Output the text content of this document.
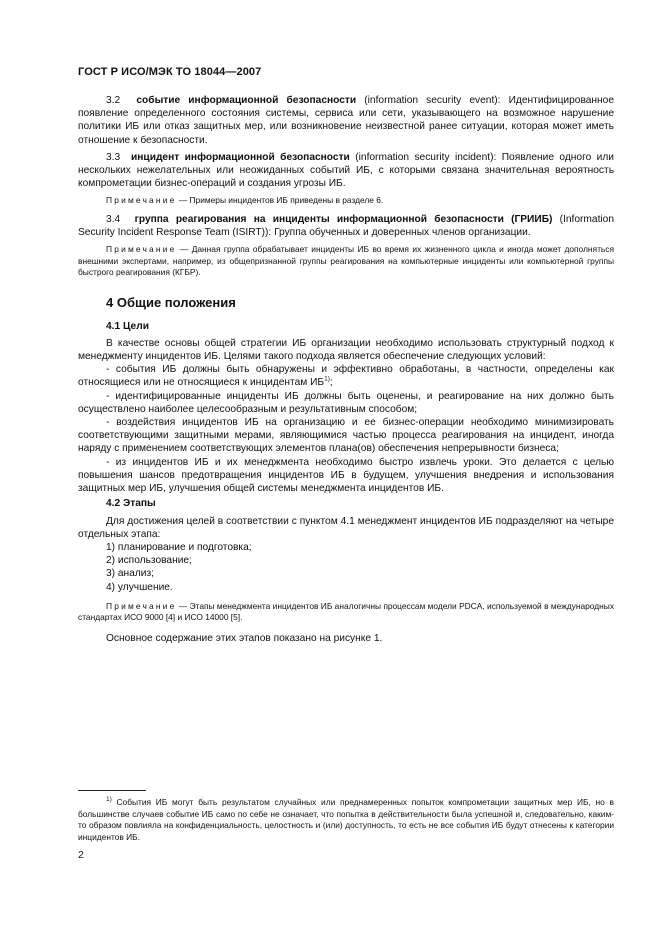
ГОСТ Р ИСО/МЭК ТО 18044—2007

3.2 событие информационной безопасности (information security event): Идентифицированное появление определенного состояния системы, сервиса или сети, указывающего на возможное нарушение политики ИБ или отказ защитных мер, или возникновение неизвестной ранее ситуации, которая может иметь отношение к безопасности.

3.3 инцидент информационной безопасности (information security incident): Появление одного или нескольких нежелательных или неожиданных событий ИБ, с которыми связана значительная вероятность компрометации бизнес-операций и создания угрозы ИБ.

Примечание — Примеры инцидентов ИБ приведены в разделе 6.

3.4 группа реагирования на инциденты информационной безопасности (ГРИИБ) (Information Security Incident Response Team (ISIRT)): Группа обученных и доверенных членов организации.

Примечание — Данная группа обрабатывает инциденты ИБ во время их жизненного цикла и иногда может дополняться внешними экспертами, например, из общепризнанной группы реагирования на компьютерные инциденты или компьютерной группы быстрого реагирования (КГБР).

4 Общие положения
4.1 Цели

В качестве основы общей стратегии ИБ организации необходимо использовать структурный подход к менеджменту инцидентов ИБ. Целями такого подхода является обеспечение следующих условий:

- события ИБ должны быть обнаружены и эффективно обработаны, в частности, определены как относящиеся или не относящиеся к инцидентам ИБ$^{1)}$;

- идентифицированные инциденты ИБ должны быть оценены, и реагирование на них должно быть осуществлено наиболее целесообразным и результативным способом;

- воздействия инцидентов ИБ на организацию и ее бизнес-операции необходимо минимизировать соответствующими защитными мерами, являющимися частью процесса реагирования на инцидент, иногда наряду с применением соответствующих элементов плана(ов) обеспечения непрерывности бизнеса;

- из инцидентов ИБ и их менеджмента необходимо быстро извлечь уроки. Это делается с целью повышения шансов предотвращения инцидентов ИБ в будущем, улучшения внедрения и использования защитных мер ИБ, улучшения общей системы менеджмента инцидентов ИБ.

4.2 Этапы

Для достижения целей в соответствии с пунктом 4.1 менеджмент инцидентов ИБ подразделяют на четыре отдельных этапа:

1) планирование и подготовка;

2) использование;

3) анализ;

4) улучшение.

Примечание — Этапы менеджмента инцидентов ИБ аналогичны процессам модели PDCA, используемой в международных стандартах ИСО 9000 [4] и ИСО 14000 [5].

Основное содержание этих этапов показано на рисунке 1.

$^{1)}$ События ИБ могут быть результатом случайных или преднамеренных попыток компрометации защитных мер ИБ, но в большинстве случаев событие ИБ само по себе не означает, что попытка в действительности была успешной и, следовательно, каким-то образом повлияла на конфиденциальность, целостность и (или) доступность, то есть не все события ИБ будут отнесены к категории инцидентов ИБ.

2
